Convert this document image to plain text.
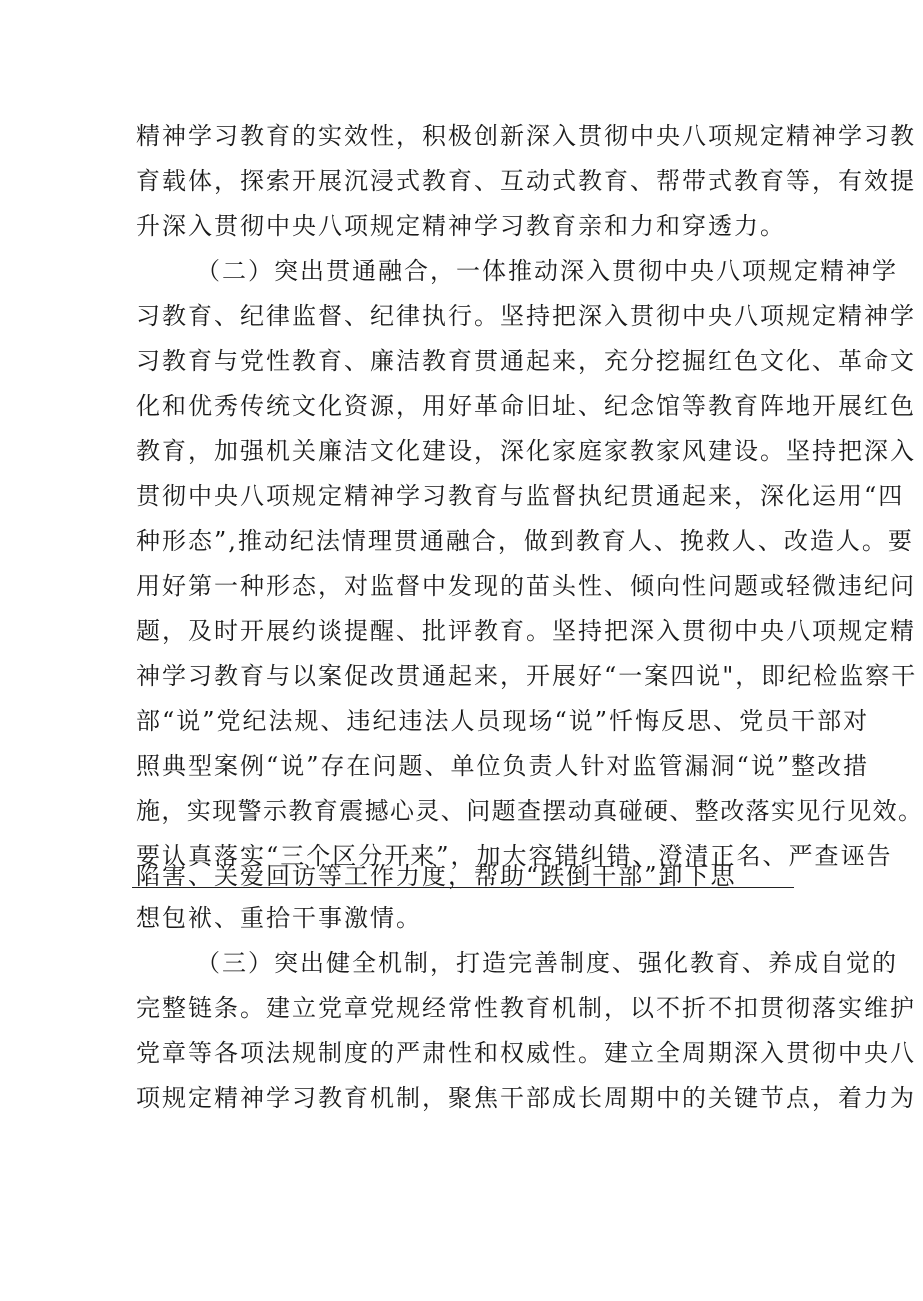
精神学习教育的实效性，积极创新深入贯彻中央八项规定精神学习教
育载体，探索开展沉浸式教育、互动式教育、帮带式教育等，有效提
升深入贯彻中央八项规定精神学习教育亲和力和穿透力。
（二）突出贯通融合，一体推动深入贯彻中央八项规定精神学
习教育、纪律监督、纪律执行。坚持把深入贯彻中央八项规定精神学
习教育与党性教育、廉洁教育贯通起来，充分挖掘红色文化、革命文
化和优秀传统文化资源，用好革命旧址、纪念馆等教育阵地开展红色
教育，加强机关廉洁文化建设，深化家庭家教家风建设。坚持把深入
贯彻中央八项规定精神学习教育与监督执纪贯通起来，深化运用“四
种形态”,推动纪法情理贯通融合，做到教育人、挽救人、改造人。要
用好第一种形态，对监督中发现的苗头性、倾向性问题或轻微违纪问
题，及时开展约谈提醒、批评教育。坚持把深入贯彻中央八项规定精
神学习教育与以案促改贯通起来，开展好“一案四说"，即纪检监察干
部“说”党纪法规、违纪违法人员现场“说”忏悔反思、党员干部对
照典型案例“说”存在问题、单位负责人针对监管漏洞“说”整改措
施，实现警示教育震撼心灵、问题查摆动真碰硬、整改落实见行见效。
要认真落实“三个区分开来”，加大容错纠错、澄清正名、严查诬告
陷害、关爱回访等工作力度，帮助“跌倒干部”卸下思
想包袱、重拾干事激情。
（三）突出健全机制，打造完善制度、强化教育、养成自觉的
完整链条。建立党章党规经常性教育机制，以不折不扣贯彻落实维护
党章等各项法规制度的严肃性和权威性。建立全周期深入贯彻中央八
项规定精神学习教育机制，聚焦干部成长周期中的关键节点，着力为
